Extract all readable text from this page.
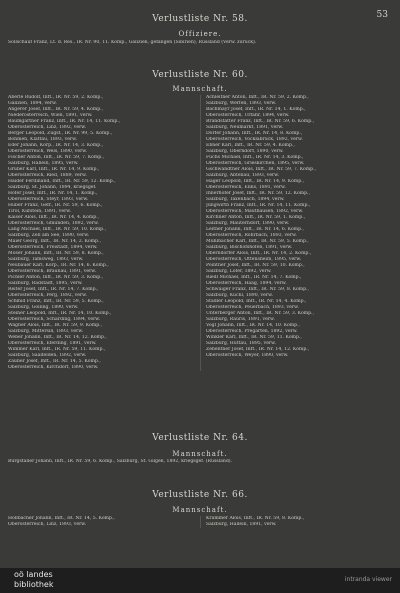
53
Verlustliste Nr. 58.
Offiziere.
Sollschauf Franz, Lt. d. Res., IR. Nr. 90, 11. Komp., Galizien, gefangen (Sibirien), Russland (Verw. zurück).
Verlustliste Nr. 60.
Mannschaft.
Aberle Rudolf, Inft., IR. Nr. 59, 2. Komp.,
Galizien, 1894, verw.
Angerer Josef, Inft., IR. Nr. 59, 4. Komp.,
Niederösterreich, Wien, 1891, verw.
Baumgartner Franz, Inft., IR. Nr. 14, 11. Komp.,
Oberösterreich, Linz, 1892, verw.
Berger Leopold, Zugsf., IR. Nr. 99, 5. Komp.,
Böhmen, Klattau, 1893, verw.
Eder Johann, Korp., IR. Nr. 14, 3. Komp.,
Oberösterreich, Wels, 1890, verw.
Fischer Anton, Inft., IR. Nr. 59, 7. Komp.,
Salzburg, Hallein, 1895, verw.
Gruber Karl, Inft., IR. Nr. 14, 9. Komp.,
Oberösterreich, Ried, 1889, verw.
Haider Ferdinand, Inft., IR. Nr. 59, 12. Komp.,
Salzburg, St. Johann, 1894, kriegsgef.
Hofer Josef, Inft., IR. Nr. 14, 1. Komp.,
Oberösterreich, Steyr, 1893, verw.
Huber Franz, Gefr., IR. Nr. 59, 6. Komp.,
Tirol, Kufstein, 1891, verw.
Kaiser Alois, Inft., IR. Nr. 14, 4. Komp.,
Oberösterreich, Gmunden, 1892, verw.
Lang Michael, Inft., IR. Nr. 59, 10. Komp.,
Salzburg, Zell am See, 1890, verw.
Maier Georg, Inft., IR. Nr. 14, 2. Komp.,
Oberösterreich, Freistadt, 1894, verw.
Moser Johann, Inft., IR. Nr. 59, 8. Komp.,
Salzburg, Tamsweg, 1893, verw.
Neubauer Karl, Korp., IR. Nr. 14, 6. Komp.,
Oberösterreich, Braunau, 1891, verw.
Pichler Anton, Inft., IR. Nr. 59, 3. Komp.,
Salzburg, Radstadt, 1895, verw.
Reiter Josef, Inft., IR. Nr. 14, 7. Komp.,
Oberösterreich, Perg, 1892, verw.
Schmid Franz, Inft., IR. Nr. 59, 5. Komp.,
Salzburg, Golling, 1890, verw.
Steiner Leopold, Inft., IR. Nr. 14, 10. Komp.,
Oberösterreich, Schärding, 1894, verw.
Wagner Alois, Inft., IR. Nr. 59, 9. Komp.,
Salzburg, Mittersill, 1893, verw.
Weber Johann, Inft., IR. Nr. 14, 12. Komp.,
Oberösterreich, Eferding, 1891, verw.
Wimmer Karl, Inft., IR. Nr. 59, 11. Komp.,
Salzburg, Saalfelden, 1892, verw.
Zauner Josef, Inft., IR. Nr. 14, 5. Komp.,
Oberösterreich, Kirchdorf, 1890, verw.
Achleitner Anton, Inft., IR. Nr. 59, 2. Komp.,
Salzburg, Werfen, 1893, verw.
Bachmayr Josef, Inft., IR. Nr. 14, 1. Komp.,
Oberösterreich, Urfahr, 1894, verw.
Brandstätter Franz, Inft., IR. Nr. 59, 6. Komp.,
Salzburg, Neumarkt, 1891, verw.
Dorfer Johann, Inft., IR. Nr. 14, 8. Komp.,
Oberösterreich, Vöcklabruck, 1892, verw.
Ebner Karl, Inft., IR. Nr. 59, 4. Komp.,
Salzburg, Oberndorf, 1890, verw.
Fuchs Michael, Inft., IR. Nr. 14, 3. Komp.,
Oberösterreich, Grieskirchen, 1895, verw.
Gschwandtner Alois, Inft., IR. Nr. 59, 7. Komp.,
Salzburg, Abtenau, 1893, verw.
Hager Leopold, Inft., IR. Nr. 14, 9. Komp.,
Oberösterreich, Enns, 1891, verw.
Innerhofer Josef, Inft., IR. Nr. 59, 12. Komp.,
Salzburg, Taxenbach, 1894, verw.
Jungwirth Franz, Inft., IR. Nr. 14, 11. Komp.,
Oberösterreich, Mauthausen, 1892, verw.
Kirchner Anton, Inft., IR. Nr. 59, 1. Komp.,
Salzburg, Mauterndorf, 1890, verw.
Leitner Johann, Inft., IR. Nr. 14, 6. Komp.,
Oberösterreich, Rohrbach, 1893, verw.
Mühlbacher Karl, Inft., IR. Nr. 59, 5. Komp.,
Salzburg, Bischofshofen, 1891, verw.
Oberndorfer Alois, Inft., IR. Nr. 14, 2. Komp.,
Oberösterreich, Ottensheim, 1895, verw.
Pointner Josef, Inft., IR. Nr. 59, 10. Komp.,
Salzburg, Lofer, 1892, verw.
Riedl Michael, Inft., IR. Nr. 14, 7. Komp.,
Oberösterreich, Haag, 1894, verw.
Schwaiger Franz, Inft., IR. Nr. 59, 8. Komp.,
Salzburg, Kuchl, 1890, verw.
Stadler Leopold, Inft., IR. Nr. 14, 4. Komp.,
Oberösterreich, Peuerbach, 1893, verw.
Unterberger Anton, Inft., IR. Nr. 59, 3. Komp.,
Salzburg, Rauris, 1891, verw.
Vogl Johann, Inft., IR. Nr. 14, 10. Komp.,
Oberösterreich, Pregarten, 1892, verw.
Winkler Karl, Inft., IR. Nr. 59, 11. Komp.,
Salzburg, Hüttau, 1895, verw.
Zehentner Josef, Inft., IR. Nr. 14, 12. Komp.,
Oberösterreich, Weyer, 1890, verw.
Verlustliste Nr. 64.
Mannschaft.
Burgstaller Johann, Inft., IR. Nr. 59, 6. Komp., Salzburg, St. Gilgen, 1892, kriegsgef. (Russland).
Verlustliste Nr. 66.
Mannschaft.
Höllbacher Johann, Inft., IR. Nr. 14, 5. Komp.,
Oberösterreich, Linz, 1893, verw.
Krammer Alois, Inft., IR. Nr. 59, 8. Komp.,
Salzburg, Hallein, 1891, verw.
oö landes
bibliothek
intranda viewer
